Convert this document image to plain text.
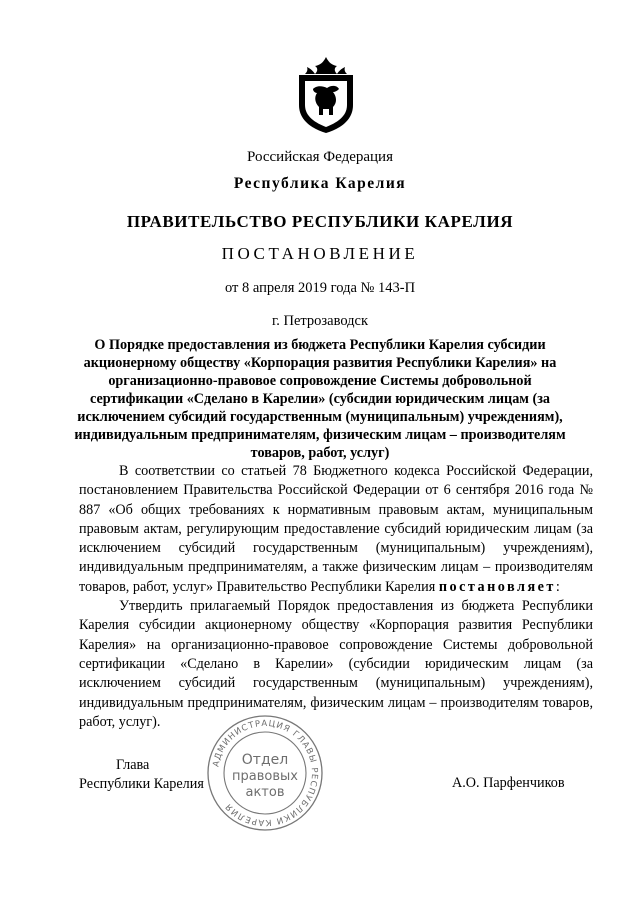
Российская Федерация
Республика Карелия
ПРАВИТЕЛЬСТВО РЕСПУБЛИКИ КАРЕЛИЯ
ПОСТАНОВЛЕНИЕ
от 8 апреля 2019 года № 143-П
г. Петрозаводск

О Порядке предоставления из бюджета Республики Карелия субсидии акционерному обществу «Корпорация развития Республики Карелия» на организационно-правовое сопровождение Системы добровольной сертификации «Сделано в Карелии» (субсидии юридическим лицам (за исключением субсидий государственным (муниципальным) учреждениям), индивидуальным предпринимателям, физическим лицам – производителям товаров, работ, услуг)

В соответствии со статьей 78 Бюджетного кодекса Российской Федерации, постановлением Правительства Российской Федерации от 6 сентября 2016 года № 887 «Об общих требованиях к нормативным правовым актам, муниципальным правовым актам, регулирующим предоставление субсидий юридическим лицам (за исключением субсидий государственным (муниципальным) учреждениям), индивидуальным предпринимателям, а также физическим лицам – производителям товаров, работ, услуг» Правительство Республики Карелия постановляет:

Утвердить прилагаемый Порядок предоставления из бюджета Республики Карелия субсидии акционерному обществу «Корпорация развития Республики Карелия» на организационно-правовое сопровождение Системы добровольной сертификации «Сделано в Карелии» (субсидии юридическим лицам (за исключением субсидий государственным (муниципальным) учреждениям), индивидуальным предпринимателям, физическим лицам – производителям товаров, работ, услуг).

Глава
Республики Карелия	А.О. Парфенчиков
АДМИНИСТРАЦИЯ ГЛАВЫ РЕСПУБЛИКИ КАРЕЛИЯ
Отдел
правовых
актов
